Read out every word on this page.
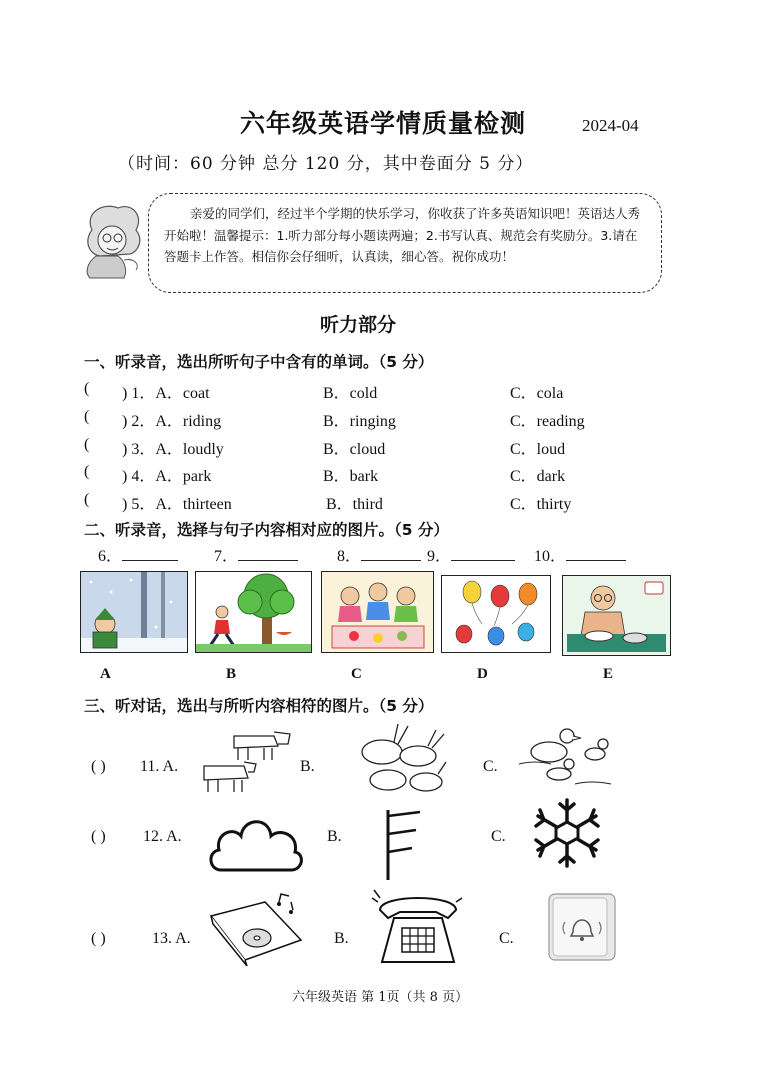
六年级英语学情质量检测	2024-04
（时间：60 分钟 总分 120 分，其中卷面分 5 分）
亲爱的同学们，经过半个学期的快乐学习，你收获了许多英语知识吧！英语达人秀开始啦！温馨提示：1.听力部分每小题读两遍；2.书写认真、规范会有奖励分。3.请在答题卡上作答。相信你会仔细听，认真读，细心答。祝你成功！
听力部分
一、听录音，选出所听句子中含有的单词。（5 分）
( ) 1．A．coat	B．cold	C．cola
( ) 2．A．riding	B．ringing	C．reading
( ) 3．A．loudly	B．cloud	C．loud
( ) 4．A．park	B．bark	C．dark
( ) 5．A．thirteen	B．third	C．thirty
二、听录音，选择与句子内容相对应的图片。（5 分）
6．	7．	8．	9．	10．
A	B	C	D	E
三、听对话，选出与所听内容相符的图片。（5 分）
( ) 11. A.	B.	C.
( ) 12. A.	B.	C.
( )	13. A.	B.	C.
六年级英语 第 1页（共 8 页）
